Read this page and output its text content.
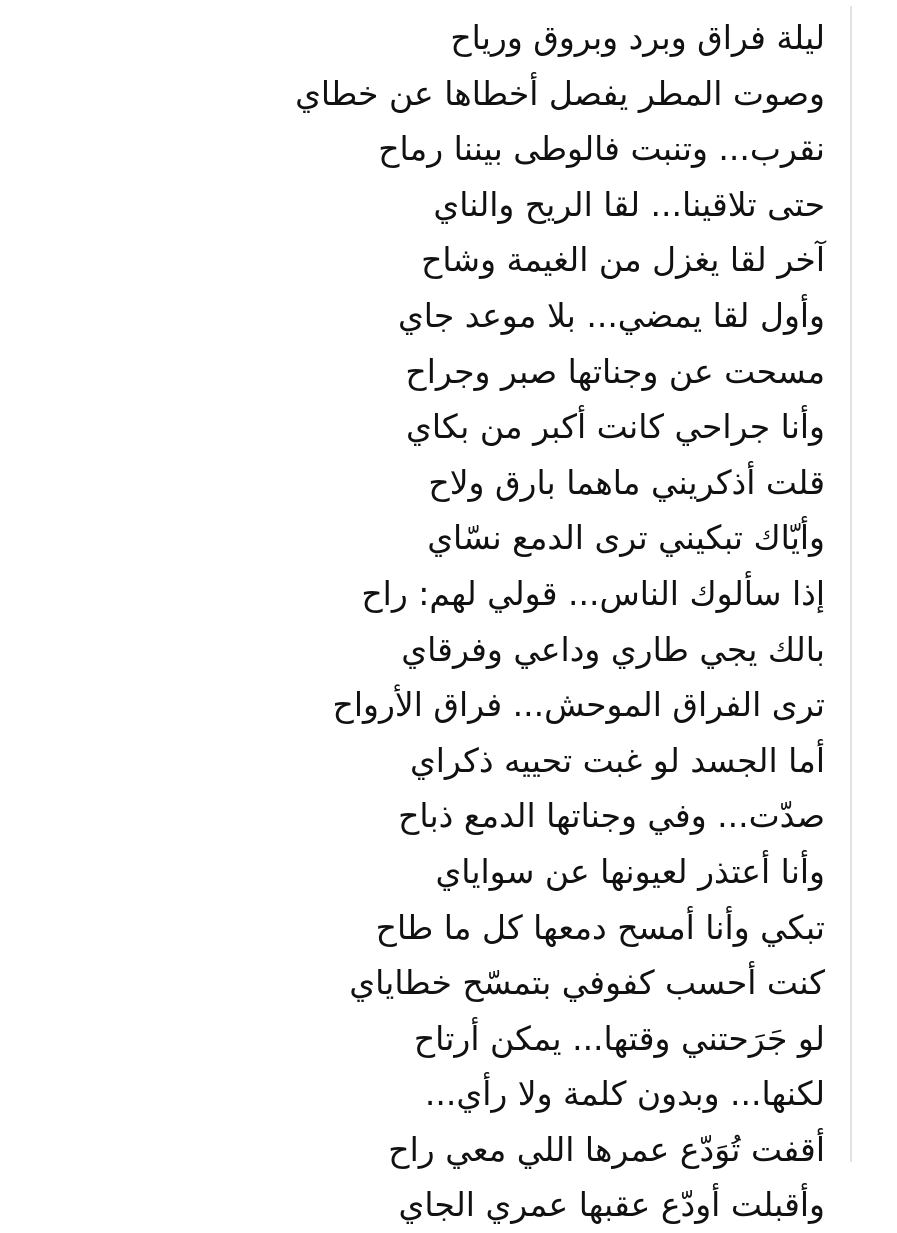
ليلة فراق وبرد وبروق ورياح
وصوت المطر يفصل أخطاها عن خطاي
نقرب... وتنبت فالوطى بيننا رماح
حتى تلاقينا... لقا الريح والناي
آخر لقا يغزل من الغيمة وشاح
وأول لقا يمضي... بلا موعد جاي
مسحت عن وجناتها صبر وجراح
وأنا جراحي كانت أكبر من بكاي
قلت أذكريني ماهما بارق ولاح
وأيّاك تبكيني ترى الدمع نسّاي
إذا سألوك الناس... قولي لهم: راح
بالك يجي طاري وداعي وفرقاي
ترى الفراق الموحش... فراق الأرواح
أما الجسد لو غبت تحييه ذكراي
صدّت... وفي وجناتها الدمع ذباح
وأنا أعتذر لعيونها عن سواياي
تبكي وأنا أمسح دمعها كل ما طاح
كنت أحسب كفوفي بتمسّح خطاياي
لو جَرَحتني وقتها... يمكن أرتاح
لكنها... وبدون كلمة ولا رأي...
أقفت تُوَدّع عمرها اللي معي راح
وأقبلت أودّع عقبها عمري الجاي
